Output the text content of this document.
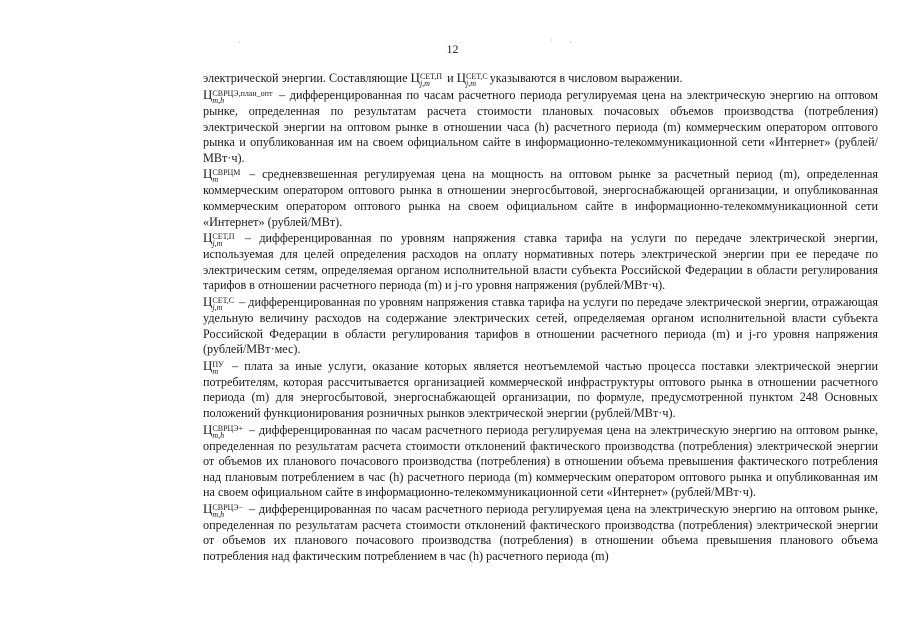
·	· '
12

электрической энергии. Составляющие Ц СЕТ,П
j,m	и Ц СЕТ,С
j,m	указываются в числовом выражении.

Ц СВРЦЭ,план_опт
m,h	– дифференцированная по часам расчетного периода регулируемая цена на электрическую энергию на оптовом рынке, определенная по результатам расчета стоимости плановых почасовых объемов производства (потребления) электрической энергии на оптовом рынке в отношении часа (h) расчетного периода (m) коммерческим оператором оптового рынка и опубликованная им на своем официальном сайте в информационно-телекоммуникационной сети «Интернет» (рублей/МВт·ч).

Ц СВРЦМ
m	– средневзвешенная регулируемая цена на мощность на оптовом рынке за расчетный период (m), определенная коммерческим оператором оптового рынка в отношении энергосбытовой, энергоснабжающей организации, и опубликованная коммерческим оператором оптового рынка на своем официальном сайте в информационно-телекоммуникационной сети «Интернет» (рублей/МВт).

Ц СЕТ,П
j,m	– дифференцированная по уровням напряжения ставка тарифа на услуги по передаче электрической энергии, используемая для целей определения расходов на оплату нормативных потерь электрической энергии при ее передаче по электрическим сетям, определяемая органом исполнительной власти субъекта Российской Федерации в области регулирования тарифов в отношении расчетного периода (m) и j-го уровня напряжения (рублей/МВт·ч).

Ц СЕТ,С
j,m	– дифференцированная по уровням напряжения ставка тарифа на услуги по передаче электрической энергии, отражающая удельную величину расходов на содержание электрических сетей, определяемая органом исполнительной власти субъекта Российской Федерации в области регулирования тарифов в отношении расчетного периода (m) и j-го уровня напряжения (рублей/МВт·мес).

Ц ПУ
m – плата за иные услуги, оказание которых является неотъемлемой частью процесса поставки электрической энергии потребителям, которая рассчитывается организацией коммерческой инфраструктуры оптового рынка в отношении расчетного периода (m) для энергосбытовой, энергоснабжающей организации, по формуле, предусмотренной пунктом 248 Основных положений функционирования розничных рынков электрической энергии (рублей/МВт·ч).

Ц СВРЦЭ+
m,h	– дифференцированная по часам расчетного периода регулируемая цена на электрическую энергию на оптовом рынке, определенная по результатам расчета стоимости отклонений фактического производства (потребления) электрической энергии от объемов их планового почасового производства (потребления) в отношении объема превышения фактического потребления над плановым потреблением в час (h) расчетного периода (m) коммерческим оператором оптового рынка и опубликованная им на своем официальном сайте в информационно-телекоммуникационной сети «Интернет» (рублей/МВт·ч).

Ц СВРЦЭ−
m,h	– дифференцированная по часам расчетного периода регулируемая цена на электрическую энергию на оптовом рынке, определенная по результатам расчета стоимости отклонений фактического производства (потребления) электрической энергии от объемов их планового почасового производства (потребления) в отношении объема превышения планового объема потребления над фактическим потреблением в час (h) расчетного периода (m)
